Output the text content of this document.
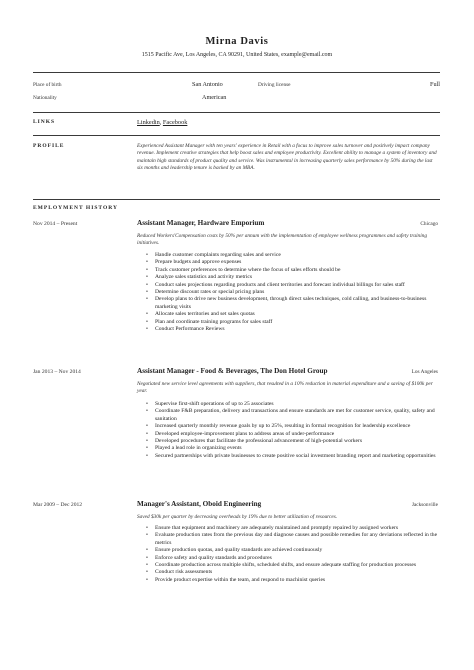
Mirna Davis
1515 Pacific Ave, Los Angeles, CA 90291, United States, example@email.com
Place of birth	San Antonio	Driving license	Full
Nationality	American
LINKS	Linkedin, Facebook
PROFILE	Experienced Assistant Manager with ten years' experience in Retail with a focus to improve sales turnover and positively impact company revenue. Implement creative strategies that help boost sales and employee productivity. Excellent ability to manage a system of inventory and maintain high standards of product quality and service. Was instrumental in increasing quarterly sales performance by 50% during the last six months and leadership tenure is backed by an MBA.
EMPLOYMENT HISTORY
Nov 2014 – Present	Assistant Manager, Hardware Emporium	Chicago
Reduced Workers'Compensation costs by 50% per annum with the implementation of employee wellness programmes and safety training initiatives.
• Handle customer complaints regarding sales and service
• Prepare budgets and approve expenses
• Track customer preferences to determine where the focus of sales efforts should be
• Analyze sales statistics and activity metrics
• Conduct sales projections regarding products and client territories and forecast individual billings for sales staff
• Determine discount rates or special pricing plans
• Develop plans to drive new business development, through direct sales techniques, cold calling, and business-to-business marketing visits
• Allocate sales territories and set sales quotas
• Plan and coordinate training programs for sales staff
• Conduct Performance Reviews
Jan 2013 – Nov 2014	Assistant Manager - Food & Beverages, The Don Hotel Group	Los Angeles
Negotiated new service level agreements with suppliers, that resulted in a 10% reduction in material expenditure and a saving of $100k per year.
• Supervise first-shift operations of up to 25 associates
• Coordinate F&B preparation, delivery and transactions and ensure standards are met for customer service, quality, safety and sanitation
• Increased quarterly monthly revenue goals by up to 25%, resulting in formal recognition for leadership excellence
• Developed employee-improvement plans to address areas of under-performance
• Developed procedures that facilitate the professional advancement of high-potential workers
• Played a lead role in organizing events
• Secured partnerships with private businesses to create positive social investment branding report and marketing opportunities
Mar 2009 – Dec 2012	Manager's Assistant, Oboid Engineering	Jacksonville
Saved $30k per quarter by decreasing overheads by 19% due to better utilization of resources.
• Ensure that equipment and machinery are adequately maintained and promptly repaired by assigned workers
• Evaluate production rates from the previous day and diagnose causes and possible remedies for any deviations reflected in the metrics
• Ensure production quotas, and quality standards are achieved continuously
• Enforce safety and quality standards and procedures
• Coordinate production across multiple shifts, scheduled shifts, and ensure adequate staffing for production processes
• Conduct risk assessments
• Provide product expertise within the team, and respond to machinist queries
